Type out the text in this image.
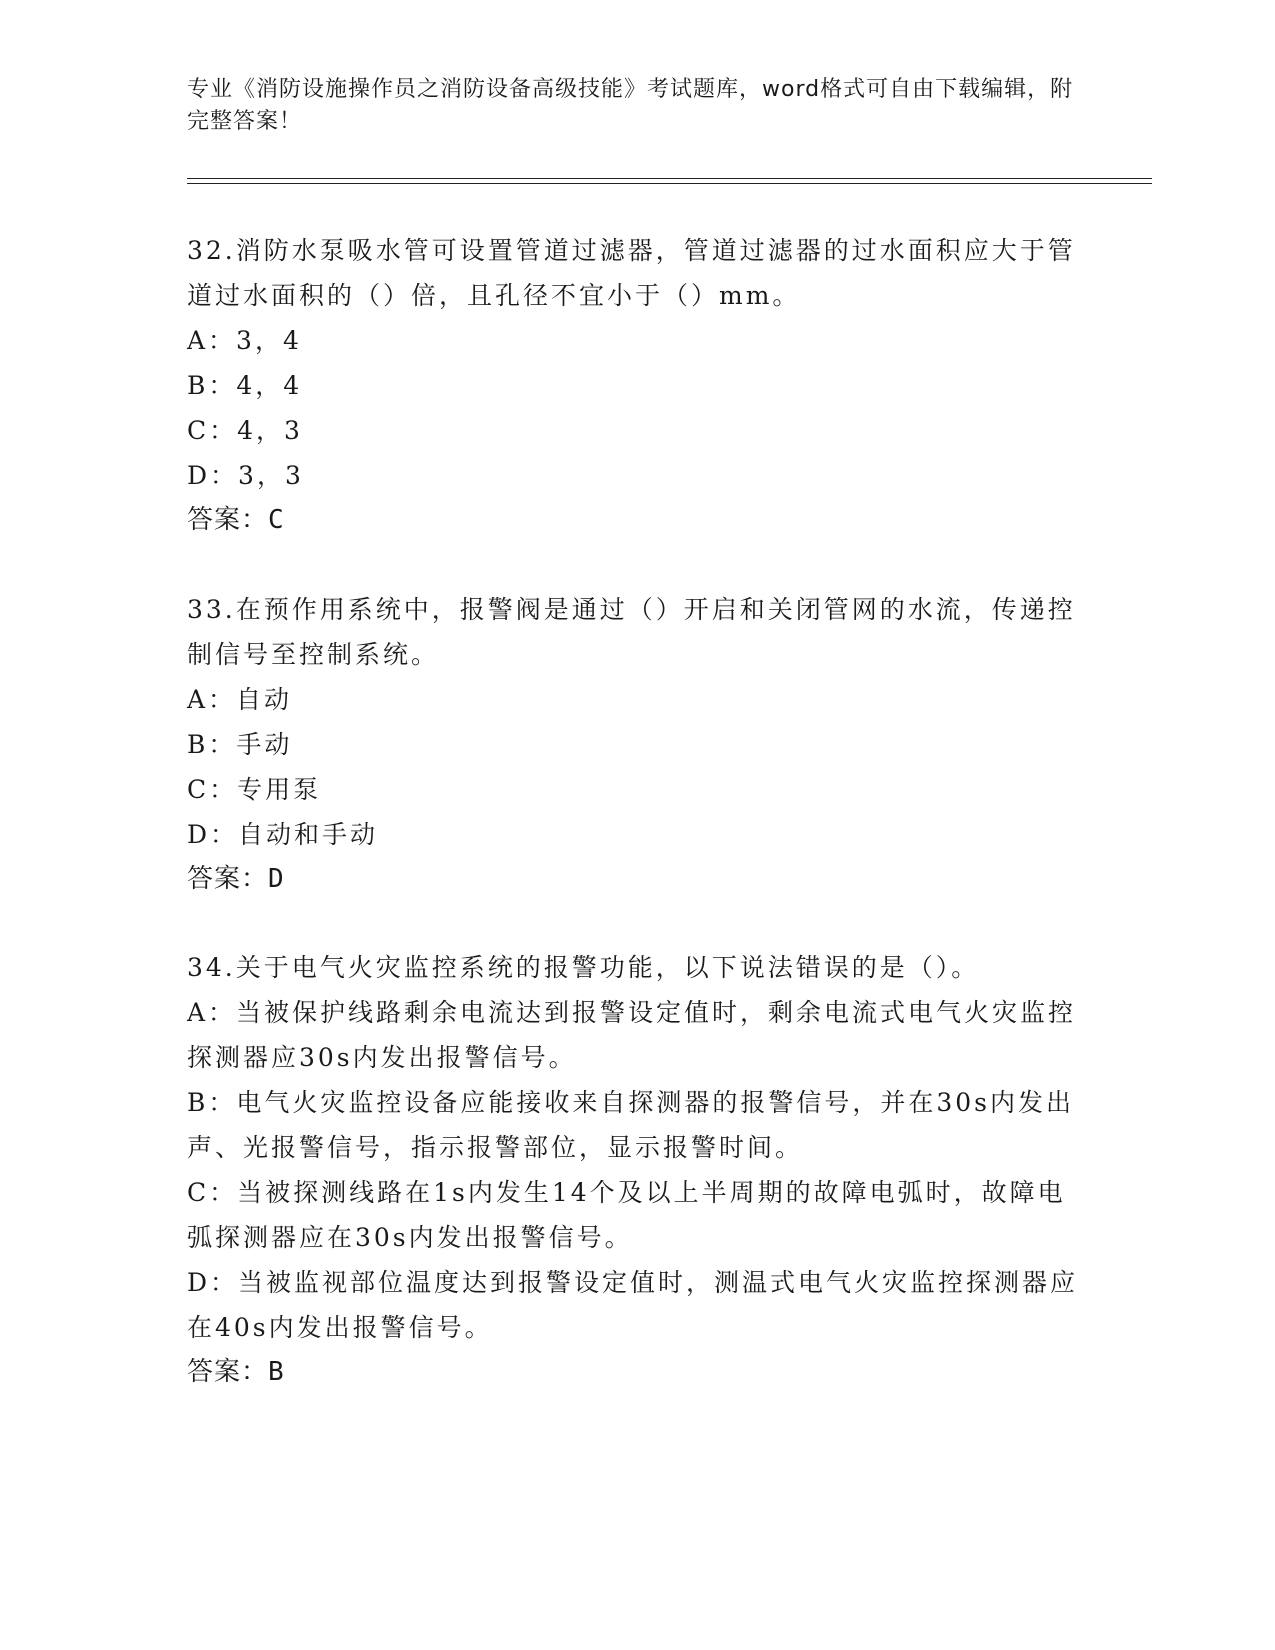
专业《消防设施操作员之消防设备高级技能》考试题库，word格式可自由下载编辑，附完整答案！
32.消防水泵吸水管可设置管道过滤器，管道过滤器的过水面积应大于管道过水面积的（）倍，且孔径不宜小于（）mm。
A：3，4
B：4，4
C：4，3
D：3，3
答案：C
33.在预作用系统中，报警阀是通过（）开启和关闭管网的水流，传递控制信号至控制系统。
A：自动
B：手动
C：专用泵
D：自动和手动
答案：D
34.关于电气火灾监控系统的报警功能，以下说法错误的是（）。
A：当被保护线路剩余电流达到报警设定值时，剩余电流式电气火灾监控探测器应30s内发出报警信号。
B：电气火灾监控设备应能接收来自探测器的报警信号，并在30s内发出声、光报警信号，指示报警部位，显示报警时间。
C：当被探测线路在1s内发生14个及以上半周期的故障电弧时，故障电弧探测器应在30s内发出报警信号。
D：当被监视部位温度达到报警设定值时，测温式电气火灾监控探测器应在40s内发出报警信号。
答案：B
